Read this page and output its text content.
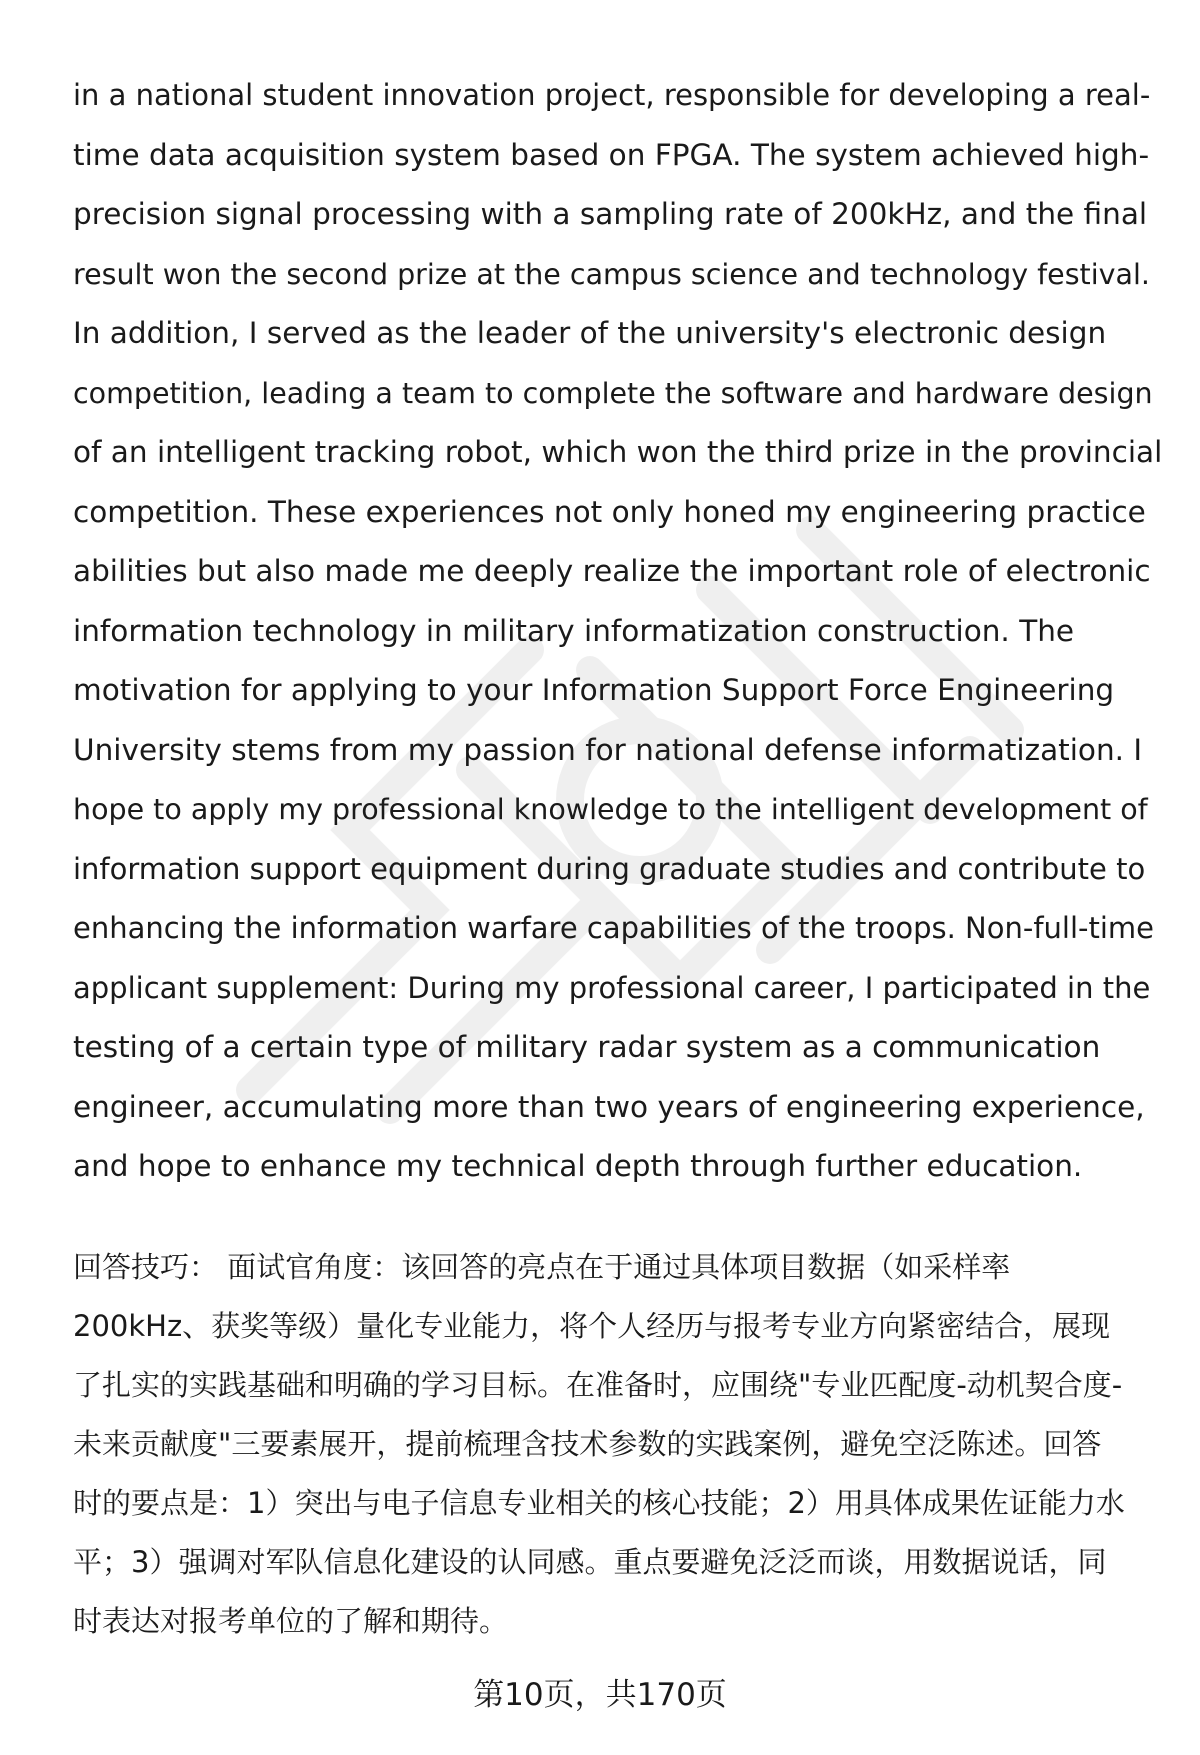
in a national student innovation project, responsible for developing a real-
time data acquisition system based on FPGA. The system achieved high-
precision signal processing with a sampling rate of 200kHz, and the final
result won the second prize at the campus science and technology festival.
In addition, I served as the leader of the university's electronic design
competition, leading a team to complete the software and hardware design
of an intelligent tracking robot, which won the third prize in the provincial
competition. These experiences not only honed my engineering practice
abilities but also made me deeply realize the important role of electronic
information technology in military informatization construction. The
motivation for applying to your Information Support Force Engineering
University stems from my passion for national defense informatization. I
hope to apply my professional knowledge to the intelligent development of
information support equipment during graduate studies and contribute to
enhancing the information warfare capabilities of the troops. Non-full-time
applicant supplement: During my professional career, I participated in the
testing of a certain type of military radar system as a communication
engineer, accumulating more than two years of engineering experience,
and hope to enhance my technical depth through further education.
回答技巧： 面试官角度：该回答的亮点在于通过具体项目数据（如采样率
200kHz、获奖等级）量化专业能力，将个人经历与报考专业方向紧密结合，展现
了扎实的实践基础和明确的学习目标。在准备时，应围绕"专业匹配度-动机契合度-
未来贡献度"三要素展开，提前梳理含技术参数的实践案例，避免空泛陈述。回答
时的要点是：1）突出与电子信息专业相关的核心技能；2）用具体成果佐证能力水
平；3）强调对军队信息化建设的认同感。重点要避免泛泛而谈，用数据说话，同
时表达对报考单位的了解和期待。
第10页，共170页
